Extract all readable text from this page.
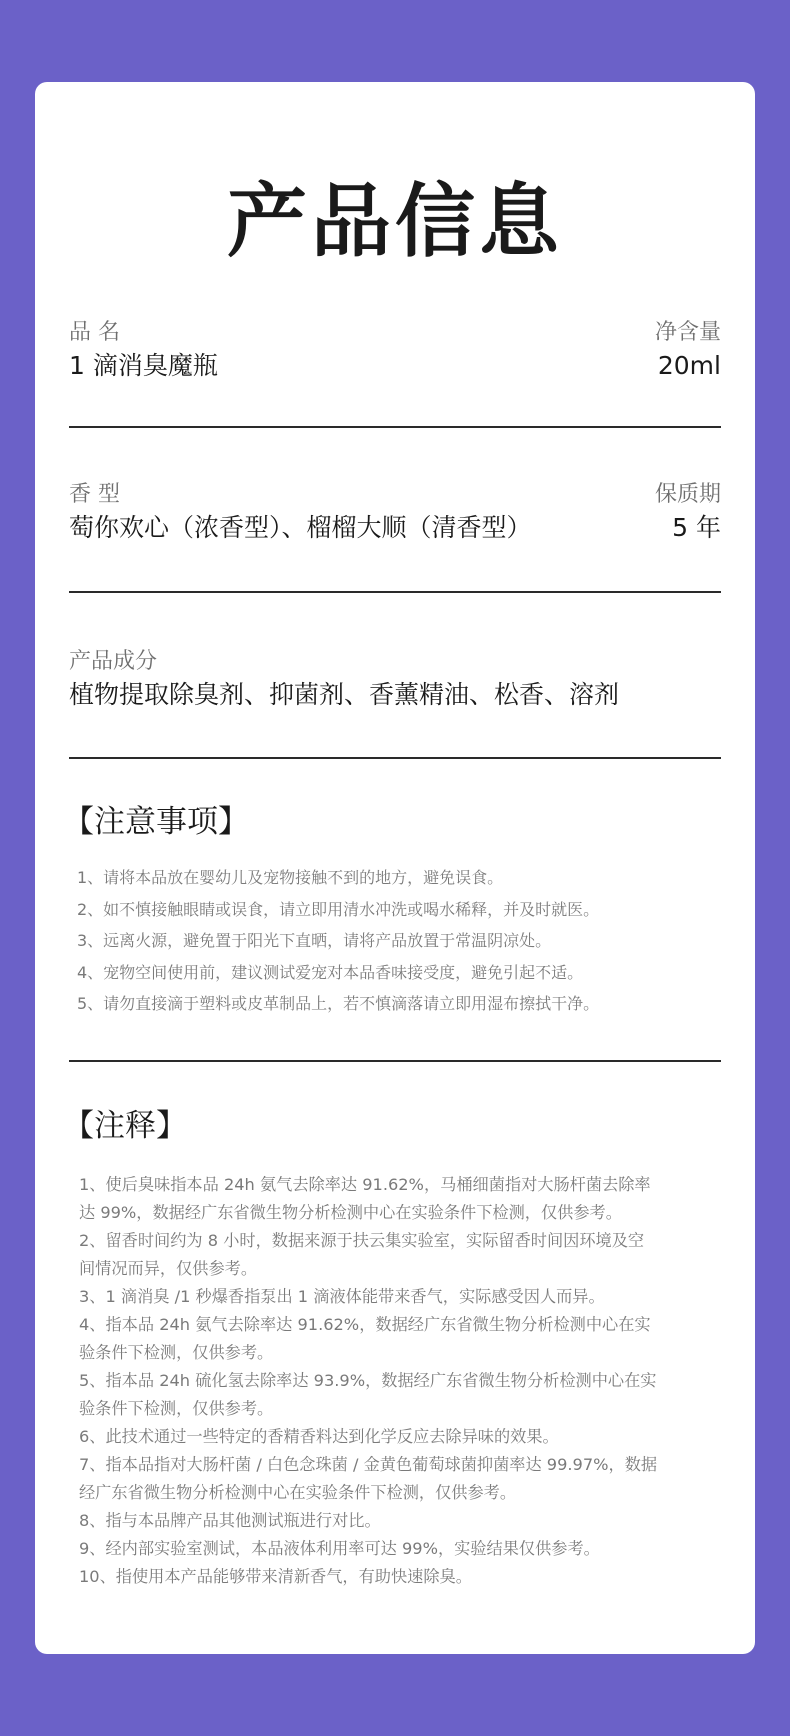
产品信息
品 名
1 滴消臭魔瓶
净含量
20ml
香 型
萄你欢心（浓香型）、榴榴大顺（清香型）
保质期
5 年
产品成分
植物提取除臭剂、抑菌剂、香薰精油、松香、溶剂
【注意事项】
1、请将本品放在婴幼儿及宠物接触不到的地方，避免误食。
2、如不慎接触眼睛或误食，请立即用清水冲洗或喝水稀释，并及时就医。
3、远离火源，避免置于阳光下直晒，请将产品放置于常温阴凉处。
4、宠物空间使用前，建议测试爱宠对本品香味接受度，避免引起不适。
5、请勿直接滴于塑料或皮革制品上，若不慎滴落请立即用湿布擦拭干净。
【注释】
1、使后臭味指本品 24h 氨气去除率达 91.62%，马桶细菌指对大肠杆菌去除率
达 99%，数据经广东省微生物分析检测中心在实验条件下检测，仅供参考。
2、留香时间约为 8 小时，数据来源于扶云集实验室，实际留香时间因环境及空
间情况而异，仅供参考。
3、1 滴消臭 /1 秒爆香指泵出 1 滴液体能带来香气，实际感受因人而异。
4、指本品 24h 氨气去除率达 91.62%，数据经广东省微生物分析检测中心在实
验条件下检测，仅供参考。
5、指本品 24h 硫化氢去除率达 93.9%，数据经广东省微生物分析检测中心在实
验条件下检测，仅供参考。
6、此技术通过一些特定的香精香料达到化学反应去除异味的效果。
7、指本品指对大肠杆菌 / 白色念珠菌 / 金黄色葡萄球菌抑菌率达 99.97%，数据
经广东省微生物分析检测中心在实验条件下检测，仅供参考。
8、指与本品牌产品其他测试瓶进行对比。
9、经内部实验室测试，本品液体利用率可达 99%，实验结果仅供参考。
10、指使用本产品能够带来清新香气，有助快速除臭。
